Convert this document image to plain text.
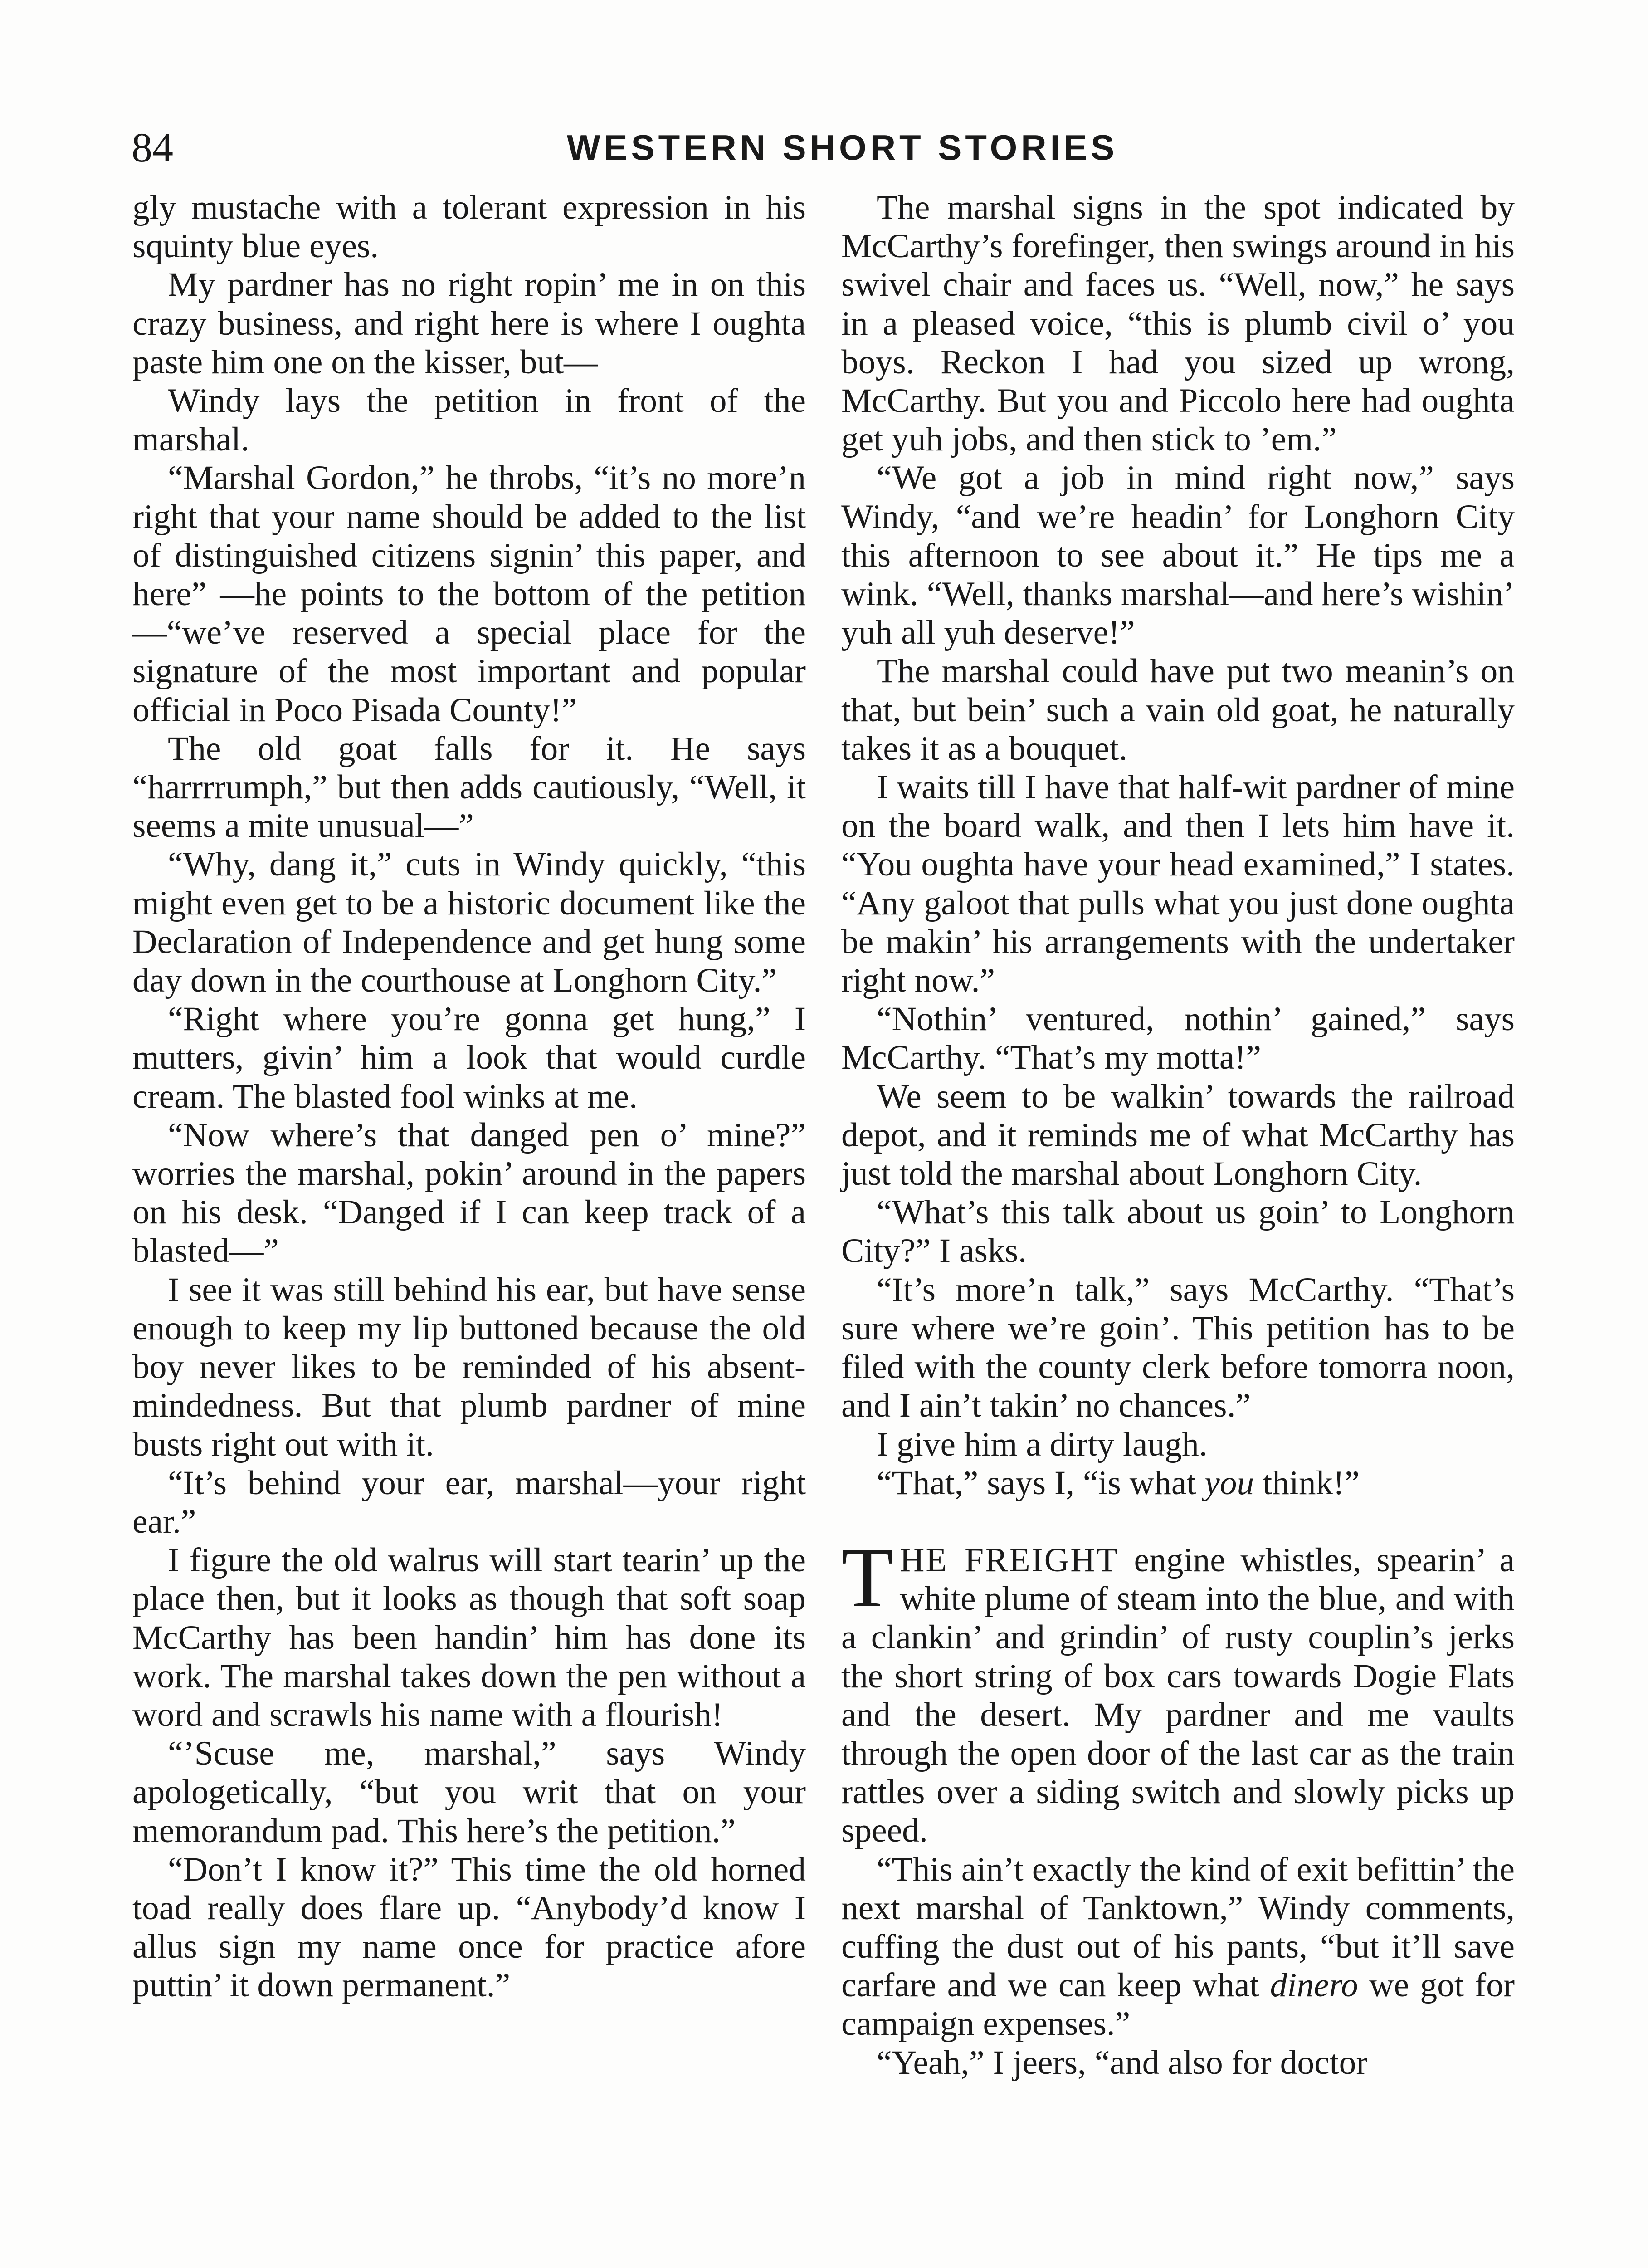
84	WESTERN SHORT STORIES

gly mustache with a tolerant expression in his squinty blue eyes.

My pardner has no right ropin’ me in on this crazy business, and right here is where I oughta paste him one on the kisser, but—

Windy lays the petition in front of the marshal.

“Marshal Gordon,” he throbs, “it’s no more’n right that your name should be added to the list of distinguished citizens signin’ this paper, and here” —he points to the bottom of the petition—“we’ve reserved a special place for the signature of the most important and popular official in Poco Pisada County!”

The old goat falls for it. He says “harrrrumph,” but then adds cautiously, “Well, it seems a mite unusual—”

“Why, dang it,” cuts in Windy quickly, “this might even get to be a historic document like the Declaration of Independence and get hung some day down in the courthouse at Longhorn City.”

“Right where you’re gonna get hung,” I mutters, givin’ him a look that would curdle cream. The blasted fool winks at me.

“Now where’s that danged pen o’ mine?” worries the marshal, pokin’ around in the papers on his desk. “Danged if I can keep track of a blasted—”

I see it was still behind his ear, but have sense enough to keep my lip buttoned because the old boy never likes to be reminded of his absent-mindedness. But that plumb pardner of mine busts right out with it.

“It’s behind your ear, marshal—your right ear.”

I figure the old walrus will start tearin’ up the place then, but it looks as though that soft soap McCarthy has been handin’ him has done its work. The marshal takes down the pen without a word and scrawls his name with a flourish!

“’Scuse me, marshal,” says Windy apologetically, “but you writ that on your memorandum pad. This here’s the petition.”

“Don’t I know it?” This time the old horned toad really does flare up. “Anybody’d know I allus sign my name once for practice afore puttin’ it down permanent.”

The marshal signs in the spot indicated by McCarthy’s forefinger, then swings around in his swivel chair and faces us. “Well, now,” he says in a pleased voice, “this is plumb civil o’ you boys. Reckon I had you sized up wrong, McCarthy. But you and Piccolo here had oughta get yuh jobs, and then stick to ’em.”

“We got a job in mind right now,” says Windy, “and we’re headin’ for Longhorn City this afternoon to see about it.” He tips me a wink. “Well, thanks marshal—and here’s wishin’ yuh all yuh deserve!”

The marshal could have put two meanin’s on that, but bein’ such a vain old goat, he naturally takes it as a bouquet.

I waits till I have that half-wit pardner of mine on the board walk, and then I lets him have it. “You oughta have your head examined,” I states. “Any galoot that pulls what you just done oughta be makin’ his arrangements with the undertaker right now.”

“Nothin’ ventured, nothin’ gained,” says McCarthy. “That’s my motta!”

We seem to be walkin’ towards the railroad depot, and it reminds me of what McCarthy has just told the marshal about Longhorn City.

“What’s this talk about us goin’ to Longhorn City?” I asks.

“It’s more’n talk,” says McCarthy. “That’s sure where we’re goin’. This petition has to be filed with the county clerk before tomorra noon, and I ain’t takin’ no chances.”

I give him a dirty laugh.

“That,” says I, “is what you think!”

THE FREIGHT engine whistles, spearin’ a white plume of steam into the blue, and with a clankin’ and grindin’ of rusty couplin’s jerks the short string of box cars towards Dogie Flats and the desert. My pardner and me vaults through the open door of the last car as the train rattles over a siding switch and slowly picks up speed.

“This ain’t exactly the kind of exit befittin’ the next marshal of Tanktown,” Windy comments, cuffing the dust out of his pants, “but it’ll save carfare and we can keep what dinero we got for campaign expenses.”

“Yeah,” I jeers, “and also for doctor
